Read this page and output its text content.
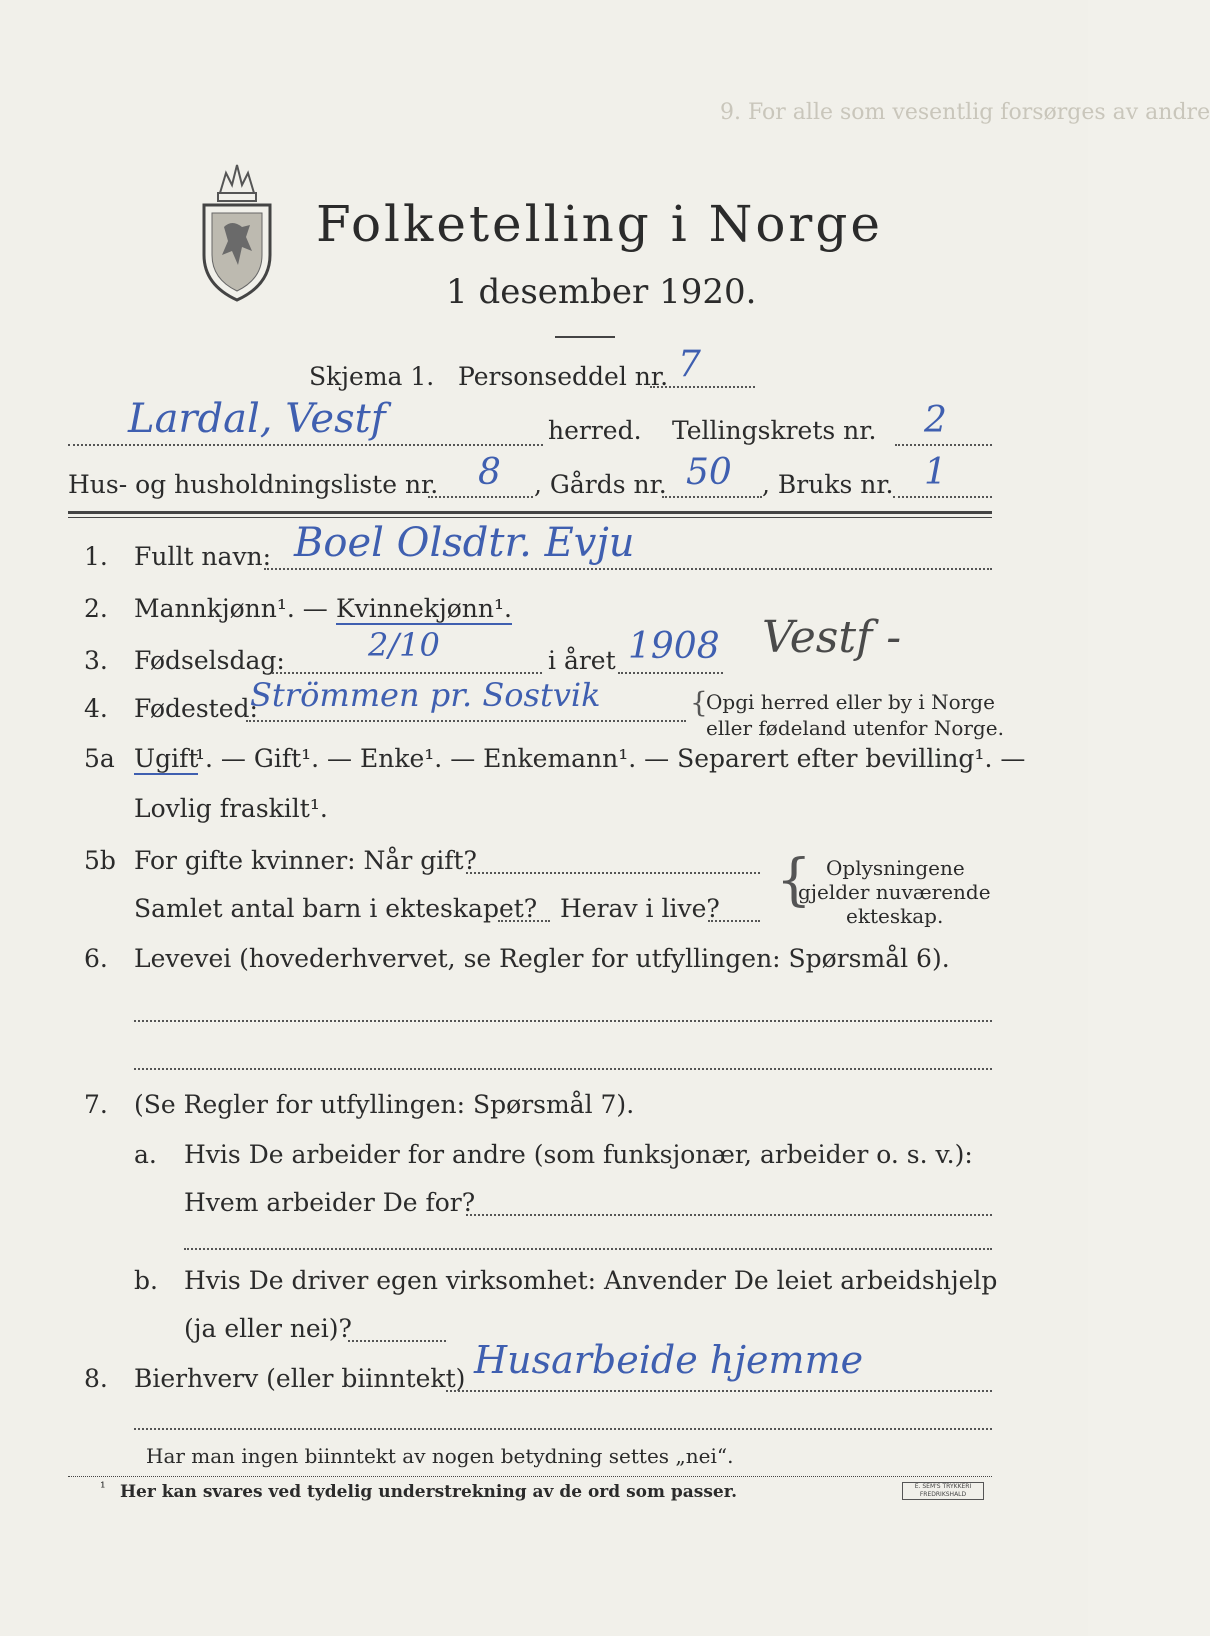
Folketelling i Norge
1 desember 1920.
9. For alle som vesentlig forsørges av andre
Skjema 1. Personseddel nr. 7
Lardal, Vestf	herred. Tellingskrets nr. 2
Hus- og husholdningsliste nr. 8 , Gårds nr. 50 , Bruks nr. 1
1. Fullt navn: Boel Olsdtr. Evju
2. Mannkjønn¹. — Kvinnekjønn¹.
3. Fødselsdag:	2/10	i året 1908 Vestf -
4. Fødested:
Strömmen pr. Sostvik	{
Opgi herred eller by i Norge
eller fødeland utenfor Norge.
5a Ugift
¹. — Gift¹. — Enke¹. — Enkemann¹. — Separert efter bevilling¹. —
Lovlig fraskilt¹.
5b For gifte kvinner: Når gift?
Samlet antal barn i ekteskapet? Herav i live? { Oplysningene
gjelder nuværende
ekteskap.
6. Levevei (hovederhvervet, se Regler for utfyllingen: Spørsmål 6).
7. (Se Regler for utfyllingen: Spørsmål 7).
a. Hvis De arbeider for andre (som funksjonær, arbeider o. s. v.):
Hvem arbeider De for?
b. Hvis De driver egen virksomhet: Anvender De leiet arbeidshjelp
(ja eller nei)?
8. Bierhverv (eller biinntekt) Husarbeide hjemme
Har man ingen biinntekt av nogen betydning settes „nei“.
¹ Her kan svares ved tydelig understrekning av de ord som passer.	E. SEM'S TRYKKERI FREDRIKSHALD
